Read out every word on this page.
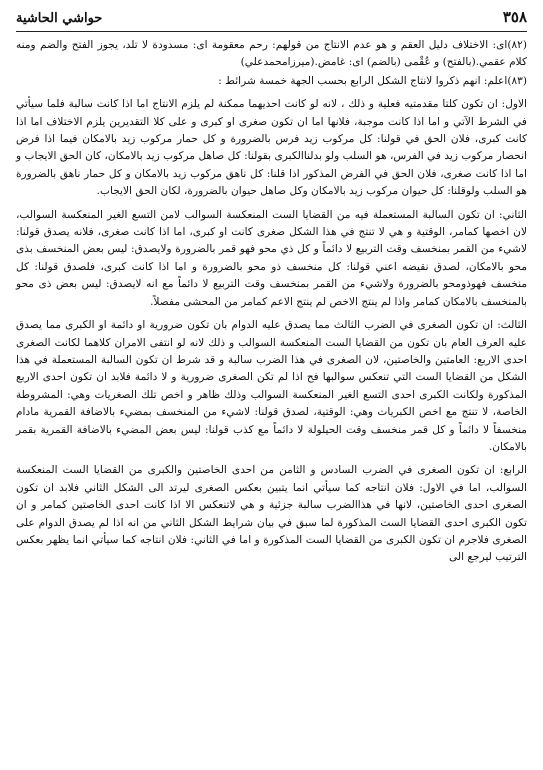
٣٥٨
حواشي الحاشية

(٨٢)اى: الاختلاف دليل العقم و هو عدم الانتاج من قولهم: رحم معقومة اى: مسدودة لا تلد، يجوز الفتح والضم ومنه كلام عقمي.(بالفتح) و عُقْمى (بالضم) اى: غامض.(ميرزامحمدعلي)

(٨٣)اعلم: انهم ذكروا لانتاج الشكل الرابع بحسب الجهة خمسة شرائط :

الاول: ان تكون كلتا مقدمتيه فعلية و ذلك ، لانه لو كانت احديهما ممكنة لم يلزم الانتاج اما اذا كانت سالبة فلما سيأتي في الشرط الآتي و اما اذا كانت موجبة، فلانها اما ان تكون صغرى او كبرى و على كلا التقديرين يلزم الاختلاف اما اذا كانت كبرى، فلان الحق في قولنا: كل مركوب زيد فرس بالضرورة و كل حمار مركوب زيد بالامكان فيما اذا فرض انحصار مركوب زيد في الفرس، هو السلب ولو بدلناالكبرى بقولنا: كل صاهل مركوب زيد بالامكان، كان الحق الايجاب و اما اذا كانت صغرى، فلان الحق في الفرض المذكور اذا قلنا: كل ناهق مركوب زيد بالامكان و كل حمار ناهق بالضرورة هو السلب ولوقلنا: كل حيوان مركوب زيد بالامكان وكل صاهل حيوان بالضرورة، لكان الحق الايجاب.

الثاني: ان تكون السالبة المستعملة فيه من القضايا الست المنعكسة السوالب لامن التسع الغير المنعكسة السوالب، لان اخصها كمامر، الوقتية و هي لا تنتج في هذا الشكل صغرى كانت او كبرى، اما اذا كانت صغرى، فلانه يصدق قولنا: لاشيء من القمر بمنخسف وقت التربيع لا دائماً و كل ذي محو فهو قمر بالضرورة ولايصدق: ليس بعض المنخسف بذى محو بالامكان، لصدق نقيضه اعني قولنا: كل منخسف ذو محو بالضرورة و اما اذا كانت كبرى، فلصدق قولنا: كل منخسف فهوذومحو بالضرورة ولاشيء من القمر بمنخسف وقت التربيع لا دائماً مع انه لايصدق: ليس بعض ذى محو بالمنخسف بالامكان كمامر واذا لم ينتج الاخص لم ينتج الاعم كمامر من المحشى مفصلاً.

الثالث: ان تكون الصغرى في الضرب الثالث مما يصدق عليه الدوام بان تكون ضرورية او دائمة او الكبرى مما يصدق عليه العرف العام بان تكون من القضايا الست المنعكسة السوالب و ذلك لانه لو انتفى الامران كلاهما لكانت الصغرى احدى الاربع: العامتين والخاصتين، لان الصغرى في هذا الضرب سالبة و قد شرط ان تكون السالبة المستعملة في هذا الشكل من القضايا الست التي تنعكس سوالبها فح اذا لم تكن الصغرى ضرورية و لا دائمة فلابد ان تكون احدى الاربع المذكورة ولكانت الكبرى احدى التسع الغير المنعكسة السوالب وذلك ظاهر و اخص تلك الصغريات وهي: المشروطة الخاصة، لا تنتج مع اخص الكبريات وهي: الوقتية، لصدق قولنا: لاشيء من المنخسف بمضيء بالاضافة القمرية مادام منخسفاً لا دائماً و كل قمر منخسف وقت الحيلولة لا دائماً مع كذب قولنا: ليس بعض المضيء بالاضافة القمرية بقمر بالامكان.

الرابع: ان تكون الصغرى في الضرب السادس و الثامن من احدى الخاصتين والكبرى من القضايا الست المنعكسة السوالب، اما في الاول: فلان انتاجه كما سيأتي انما يتبين بعكس الصغرى ليرتد الى الشكل الثاني فلابد ان تكون الصغرى احدى الخاصتين، لانها في هذاالضرب سالبة جزئية و هي لاتنعكس الا اذا كانت احدى الخاصتين كمامر و ان تكون الكبرى احدى القضايا الست المذكورة لما سبق في بيان شرايط الشكل الثاني من انه اذا لم يصدق الدوام على الصغرى فلاجرم ان تكون الكبرى من القضايا الست المذكورة و اما في الثاني: فلان انتاجه كما سيأتي انما يظهر بعكس الترتيب ليرجع الى
